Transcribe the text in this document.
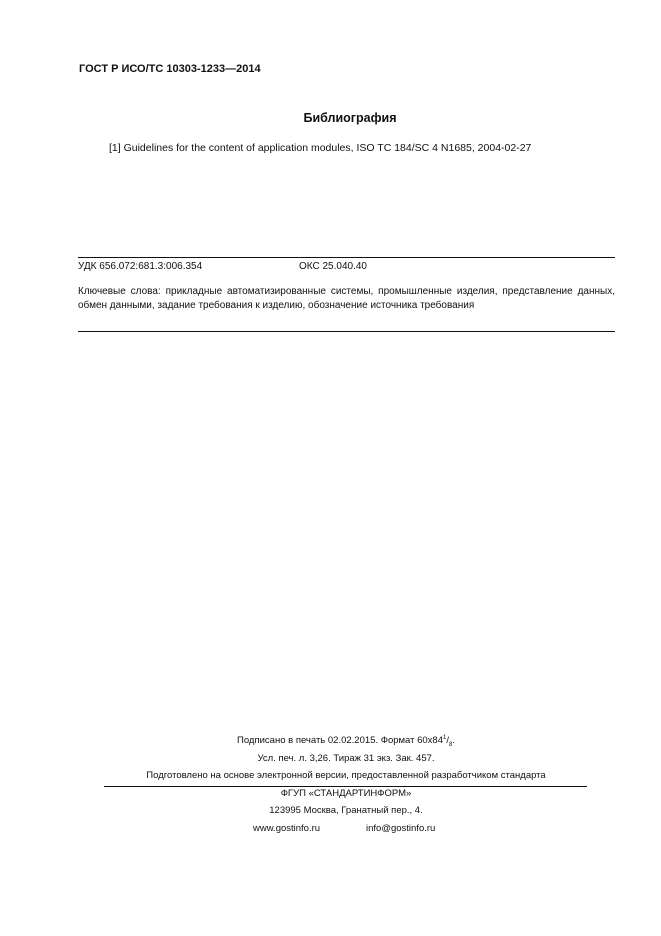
ГОСТ Р ИСО/ТС 10303-1233—2014
Библиография
[1] Guidelines for the content of application modules, ISO TC 184/SC 4 N1685, 2004-02-27
УДК 656.072:681.3:006.354	ОКС 25.040.40
Ключевые слова: прикладные автоматизированные системы, промышленные изделия, представление данных, обмен данными, задание требования к изделию, обозначение источника требования
Подписано в печать 02.02.2015. Формат $60х84^1/_8$.
Усл. печ. л. 3,26. Тираж 31 экз. Зак. 457.
Подготовлено на основе электронной версии, предоставленной разработчиком стандарта
ФГУП «СТАНДАРТИНФОРМ»
123995 Москва, Гранатный пер., 4.
www.gostinfo.ru	info@gostinfo.ru
